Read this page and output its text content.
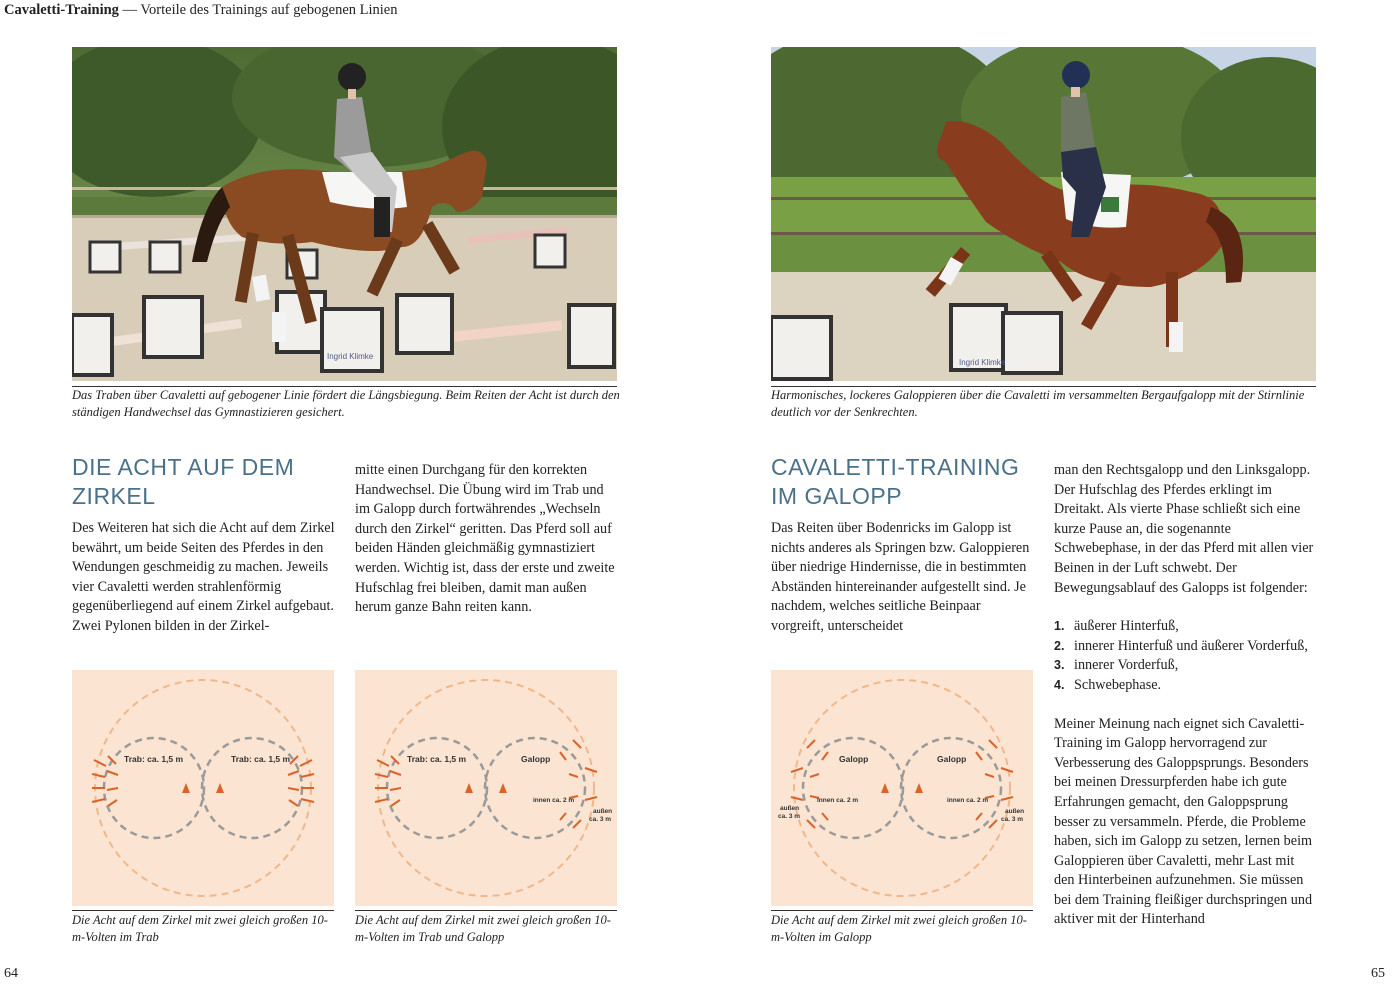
Cavaletti-Training — Vorteile des Trainings auf gebogenen Linien
Ingrid Klimke
Das Traben über Cavaletti auf gebogener Linie fördert die Längsbiegung. Beim Reiten der Acht ist durch den ständigen Handwechsel das Gymnastizieren gesichert.
Ingrid Klimke
Harmonisches, lockeres Galoppieren über die Cavaletti im versammelten Bergaufgalopp mit der Stirnlinie deutlich vor der Senkrechten.
DIE ACHT AUF DEM
ZIRKEL

Des Weiteren hat sich die Acht auf dem Zirkel bewährt, um beide Seiten des Pferdes in den Wendungen geschmeidig zu machen. Jeweils vier Cavaletti werden strahlenförmig gegenüberliegend auf einem Zirkel aufgebaut. Zwei Pylonen bilden in der Zirkel-

mitte einen Durchgang für den korrekten Handwechsel. Die Übung wird im Trab und im Galopp durch fortwährendes „Wechseln durch den Zirkel“ geritten. Das Pferd soll auf beiden Händen gleichmäßig gymnastiziert werden. Wichtig ist, dass der erste und zweite Hufschlag frei bleiben, damit man außen herum ganze Bahn reiten kann.

CAVALETTI-TRAINING
IM GALOPP

Das Reiten über Bodenricks im Galopp ist nichts anderes als Springen bzw. Galoppieren über niedrige Hindernisse, die in bestimmten Abständen hintereinander aufgestellt sind. Je nachdem, welches seitliche Beinpaar vorgreift, unterscheidet

man den Rechtsgalopp und den Linksgalopp. Der Hufschlag des Pferdes erklingt im Dreitakt. Als vierte Phase schließt sich eine kurze Pause an, die sogenannte Schwebephase, in der das Pferd mit allen vier Beinen in der Luft schwebt. Der Bewegungsablauf des Galopps ist folgender:

1. äußerer Hinterfuß,
2. innerer Hinterfuß und äußerer Vorderfuß,
3. innerer Vorderfuß,
4. Schwebephase.

Meiner Meinung nach eignet sich Cavaletti-Training im Galopp hervorragend zur Verbesserung des Galoppsprungs. Besonders bei meinen Dressurpferden habe ich gute Erfahrungen gemacht, den Galoppsprung besser zu versammeln. Pferde, die Probleme haben, sich im Galopp zu setzen, lernen beim Galoppieren über Cavaletti, mehr Last mit den Hinterbeinen aufzunehmen. Sie müssen bei dem Training fleißiger durchspringen und aktiver mit der Hinterhand

Trab: ca. 1,5 m	Trab: ca. 1,5 m
Die Acht auf dem Zirkel mit zwei gleich großen 10-m-Volten im Trab
Trab: ca. 1,5 m	Galopp
innen ca. 2 m
außen
ca. 3 m
Die Acht auf dem Zirkel mit zwei gleich großen 10-m-Volten im Trab und Galopp
Galopp	Galopp
innen ca. 2 m	innen ca. 2 m
außen
ca. 3 m
außen
ca. 3 m
Die Acht auf dem Zirkel mit zwei gleich großen 10-m-Volten im Galopp
64	65
